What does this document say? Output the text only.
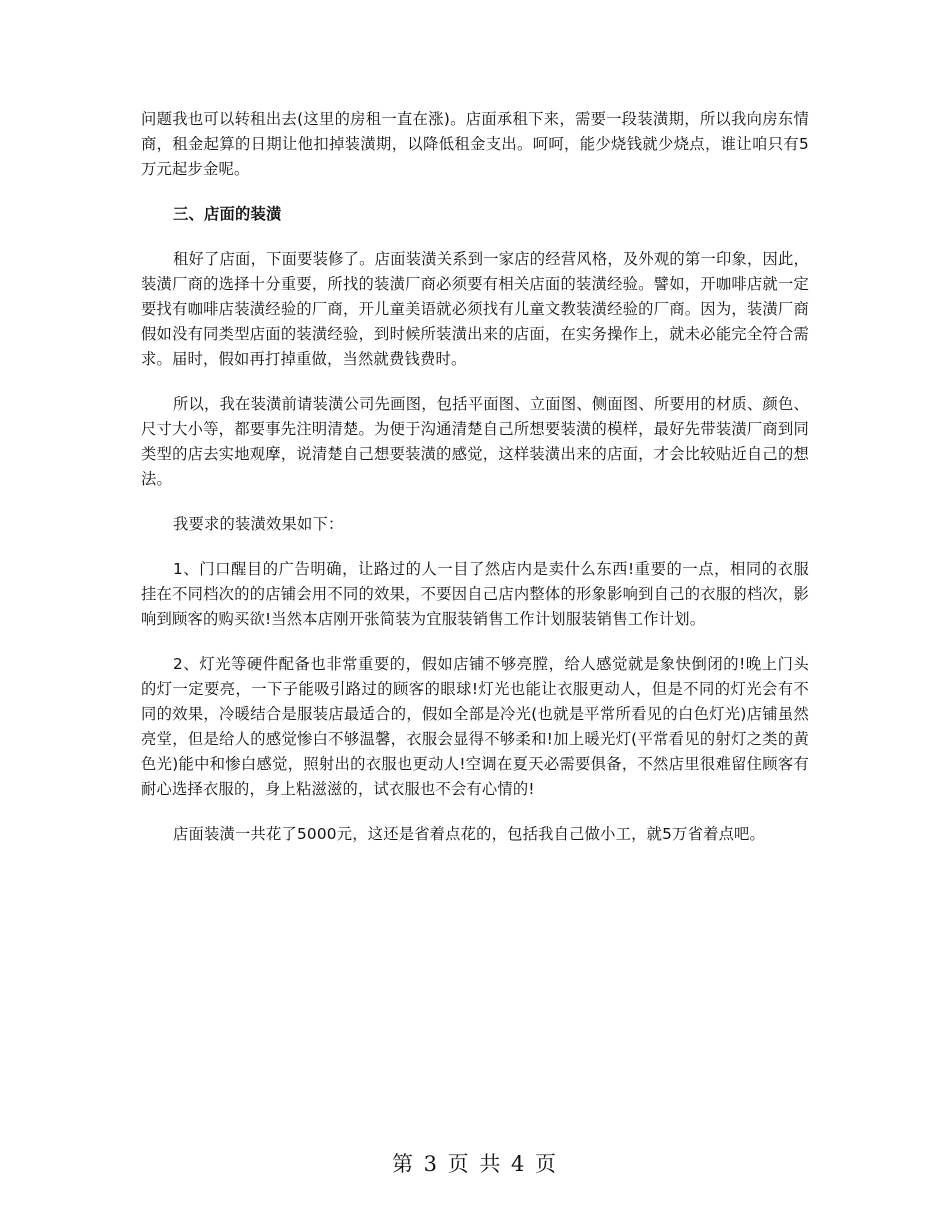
问题我也可以转租出去(这里的房租一直在涨)。店面承租下来，需要一段装潢期，所以我向房东情商，租金起算的日期让他扣掉装潢期，以降低租金支出。呵呵，能少烧钱就少烧点，谁让咱只有5万元起步金呢。

三、店面的装潢

租好了店面，下面要装修了。店面装潢关系到一家店的经营风格，及外观的第一印象，因此，装潢厂商的选择十分重要，所找的装潢厂商必须要有相关店面的装潢经验。譬如，开咖啡店就一定要找有咖啡店装潢经验的厂商，开儿童美语就必须找有儿童文教装潢经验的厂商。因为，装潢厂商假如没有同类型店面的装潢经验，到时候所装潢出来的店面，在实务操作上，就未必能完全符合需求。届时，假如再打掉重做，当然就费钱费时。

所以，我在装潢前请装潢公司先画图，包括平面图、立面图、侧面图、所要用的材质、颜色、尺寸大小等，都要事先注明清楚。为便于沟通清楚自己所想要装潢的模样，最好先带装潢厂商到同类型的店去实地观摩，说清楚自己想要装潢的感觉，这样装潢出来的店面，才会比较贴近自己的想法。

我要求的装潢效果如下：

1、门口醒目的广告明确，让路过的人一目了然店内是卖什么东西!重要的一点，相同的衣服挂在不同档次的的店铺会用不同的效果，不要因自己店内整体的形象影响到自己的衣服的档次，影响到顾客的购买欲!当然本店刚开张简装为宜服装销售工作计划服装销售工作计划。

2、灯光等硬件配备也非常重要的，假如店铺不够亮膛，给人感觉就是象快倒闭的!晚上门头的灯一定要亮，一下子能吸引路过的顾客的眼球!灯光也能让衣服更动人，但是不同的灯光会有不同的效果，冷暖结合是服装店最适合的，假如全部是冷光(也就是平常所看见的白色灯光)店铺虽然亮堂，但是给人的感觉惨白不够温馨，衣服会显得不够柔和!加上暖光灯(平常看见的射灯之类的黄色光)能中和惨白感觉，照射出的衣服也更动人!空调在夏天必需要俱备，不然店里很难留住顾客有耐心选择衣服的，身上粘滋滋的，试衣服也不会有心情的!

店面装潢一共花了5000元，这还是省着点花的，包括我自己做小工，就5万省着点吧。

第 3 页 共 4 页
